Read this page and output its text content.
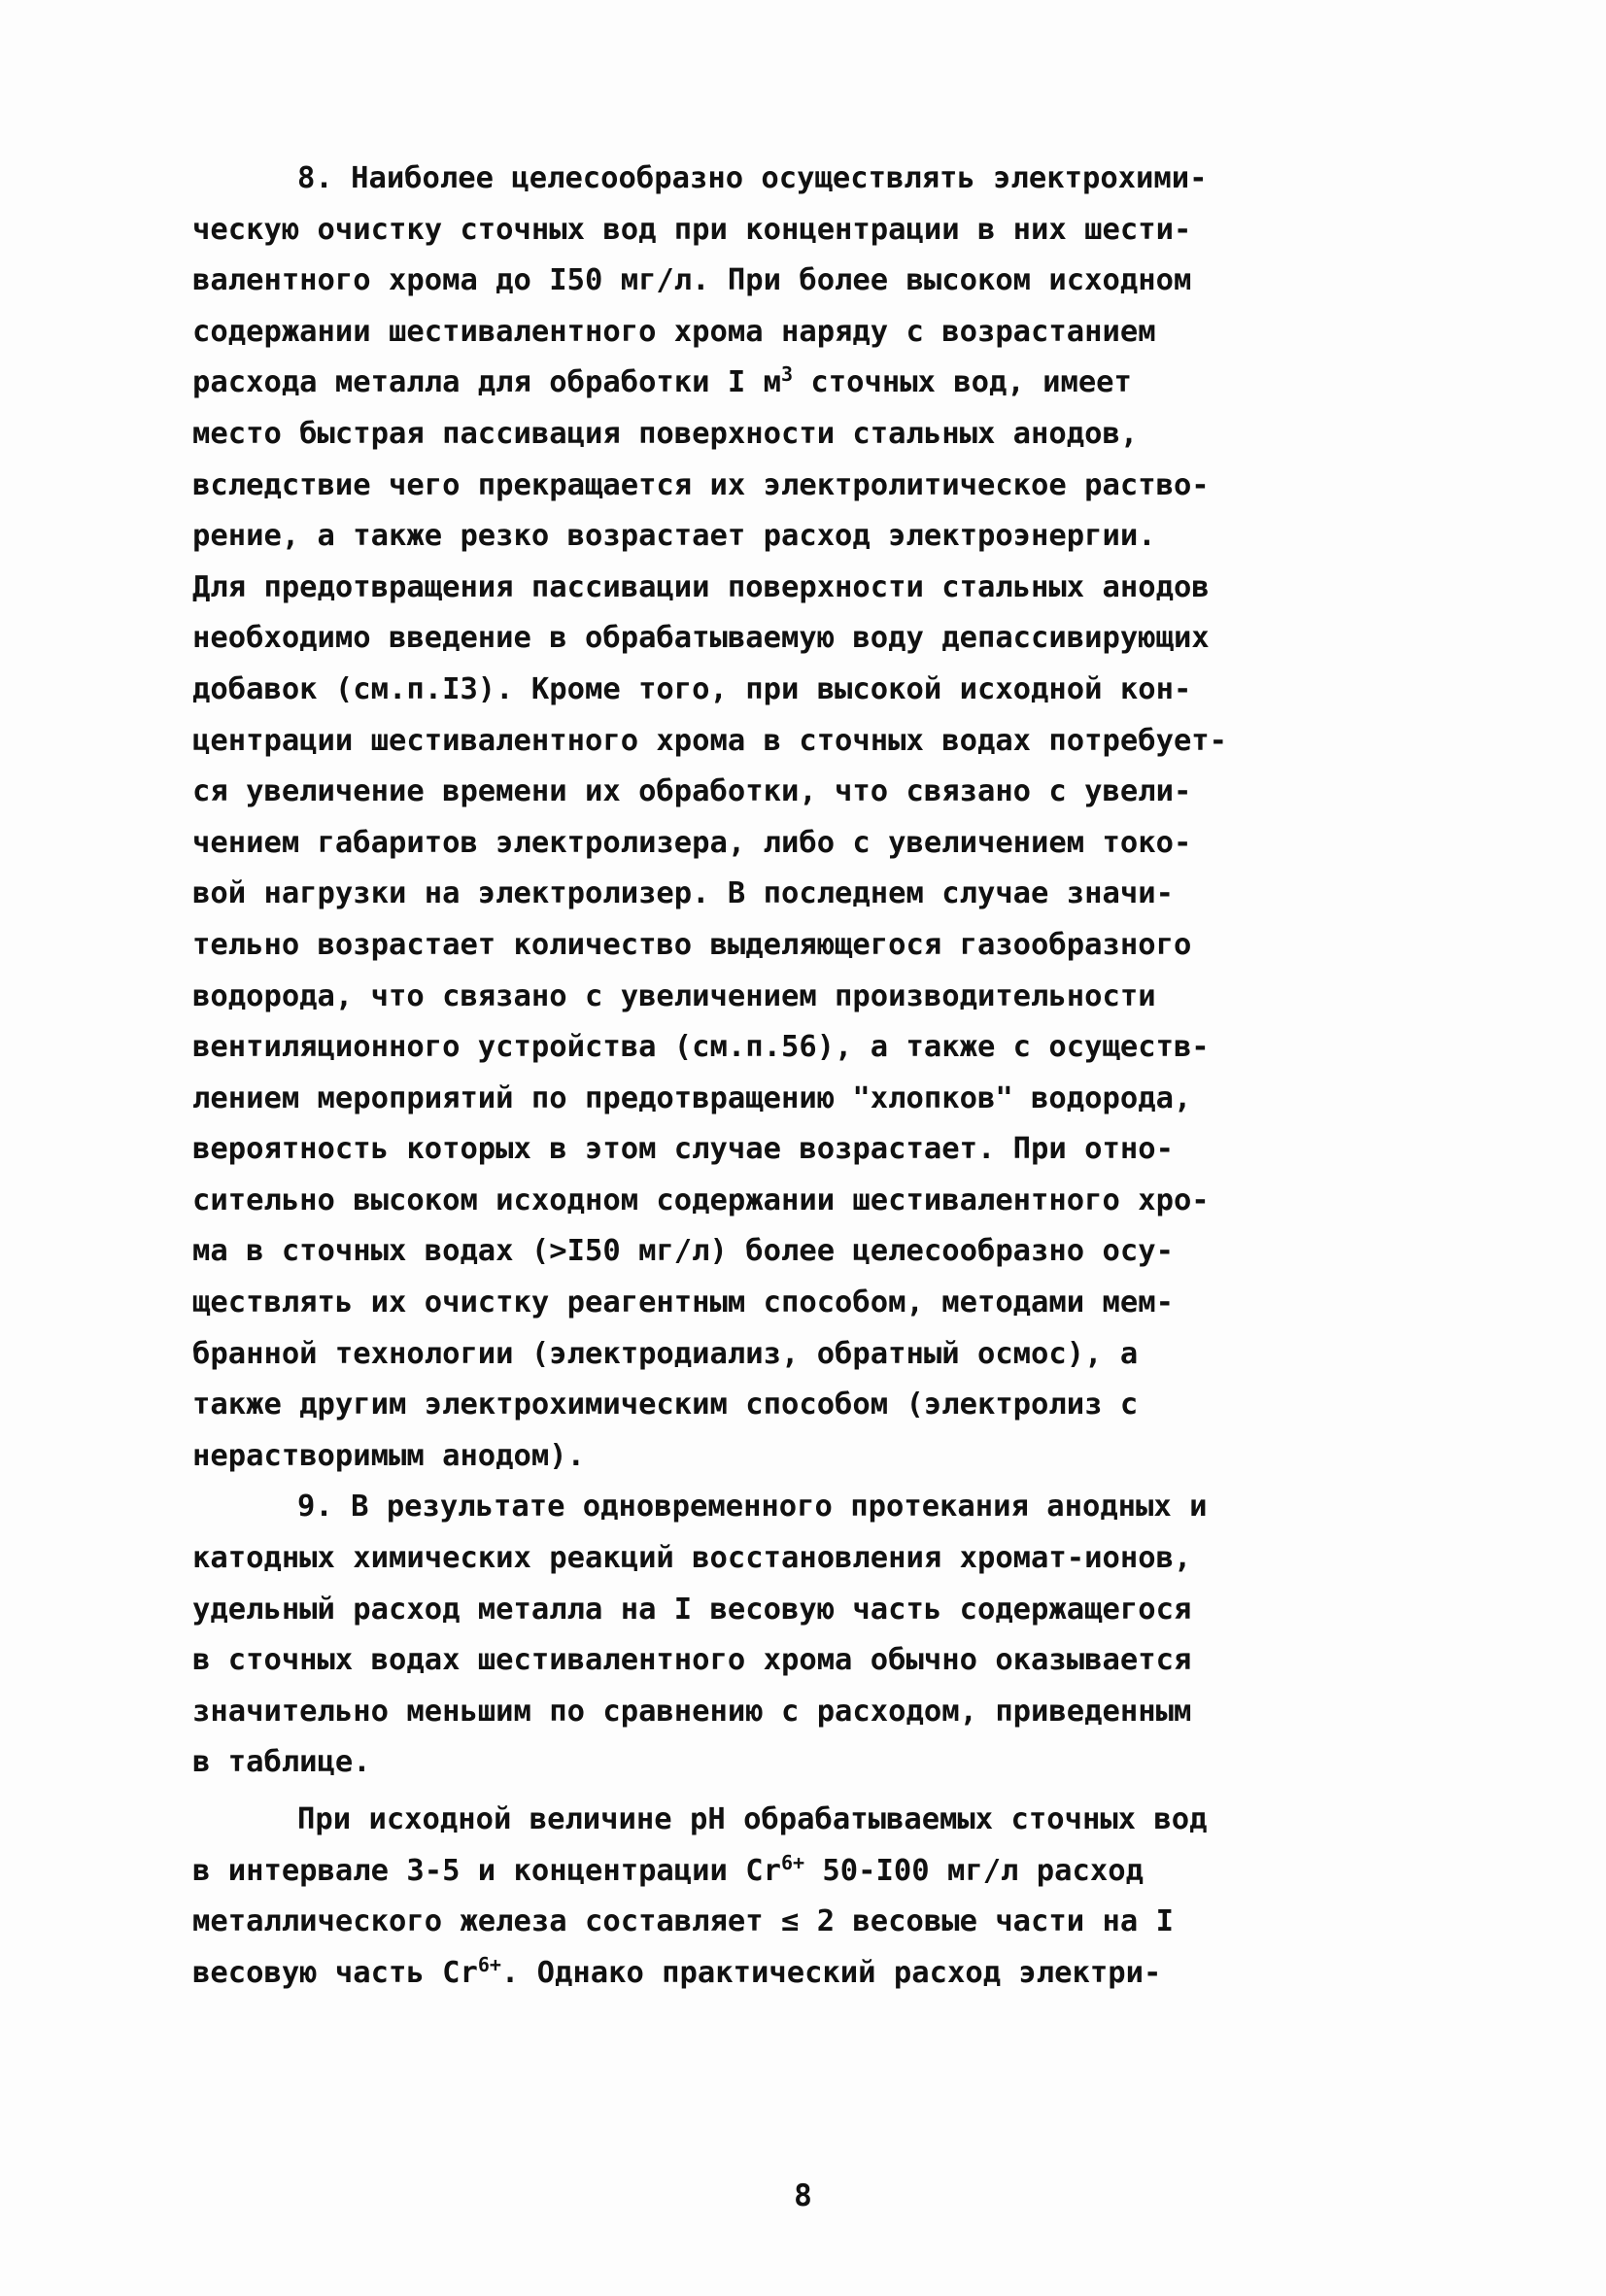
8. Наиболее целесообразно осуществлять электрохими-
ческую очистку сточных вод при концентрации в них шести-
валентного хрома до I50 мг/л. При более высоком исходном
содержании шестивалентного хрома наряду с возрастанием
расхода металла для обработки I $м^3$ сточных вод, имеет
место быстрая пассивация поверхности стальных анодов,
вследствие чего прекращается их электролитическое раство-
рение, а также резко возрастает расход электроэнергии.
Для предотвращения пассивации поверхности стальных анодов
необходимо введение в обрабатываемую воду депассивирующих
добавок (см.п.I3). Кроме того, при высокой исходной кон-
центрации шестивалентного хрома в сточных водах потребует-
ся увеличение времени их обработки, что связано с увели-
чением габаритов электролизера, либо с увеличением токо-
вой нагрузки на электролизер. В последнем случае значи-
тельно возрастает количество выделяющегося газообразного
водорода, что связано с увеличением производительности
вентиляционного устройства (см.п.56), а также с осуществ-
лением мероприятий по предотвращению "хлопков" водорода,
вероятность которых в этом случае возрастает. При отно-
сительно высоком исходном содержании шестивалентного хро-
ма в сточных водах (>I50 мг/л) более целесообразно осу-
ществлять их очистку реагентным способом, методами мем-
бранной технологии (электродиализ, обратный осмос), а
также другим электрохимическим способом (электролиз с
нерастворимым анодом).
9. В результате одновременного протекания анодных и
катодных химических реакций восстановления хромат-ионов,
удельный расход металла на I весовую часть содержащегося
в сточных водах шестивалентного хрома обычно оказывается
значительно меньшим по сравнению с расходом, приведенным
в таблице.
При исходной величине pH обрабатываемых сточных вод
в интервале 3-5 и концентрации $Cr^{6+}$ 50-I00 мг/л расход
металлического железа составляет ≤ 2 весовые части на I
весовую часть $Cr^{6+}$. Однако практический расход электри-
8
